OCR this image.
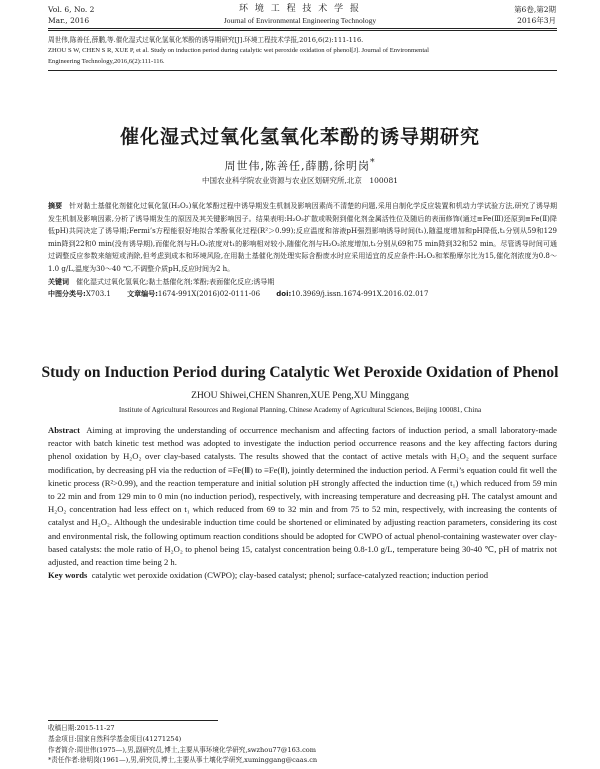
Vol. 6, No. 2	环 境 工 程 技 术 学 报	第6卷,第2期
Mar., 2016	Journal of Environmental Engineering Technology	2016年3月
周世伟,陈善任,薛鹏,等.催化湿式过氧化氢氧化苯酚的诱导期研究[J].环境工程技术学报,2016,6(2):111-116.
ZHOU S W, CHEN S R, XUE P, et al. Study on induction period during catalytic wet peroxide oxidation of phenol[J]. Journal of Environmental
Engineering Technology,2016,6(2):111-116.
催化湿式过氧化氢氧化苯酚的诱导期研究
周世伟,陈善任,薛鹏,徐明岗*
中国农业科学院农业资源与农业区划研究所,北京　100081
摘要　 针对黏土基催化剂催化过氧化氢(H₂O₂)氧化苯酚过程中诱导期发生机制及影响因素尚不清楚的问题,采用自制化学反应装置和机动力学试验方法,研究了诱导期发生机制及影响因素,分析了诱导期发生的原因及其关键影响因子。结果表明:H₂O₂扩散或吸附到催化剂金属活性位及随后的表面修饰(通过≡Fe(Ⅲ)还原到≡Fe(Ⅱ)降低pH)共同决定了诱导期;Fermi’s方程能很好地拟合苯酚氧化过程(R²＞0.99);反应温度和溶液pH强烈影响诱导时间(t₁),随温度增加和pH降低,t₁分别从59和129 min降到22和0 min(没有诱导期),而催化剂与H₂O₂浓度对t₁的影响相对较小,随催化剂与H₂O₂浓度增加,t₁分别从69和75 min降到32和52 min。尽管诱导时间可通过调整反应参数来缩短或消除,但考虑到成本和环境风险,在用黏土基催化剂处理实际含酚废水时应采用适宜的反应条件:H₂O₂和苯酚摩尔比为15,催化剂浓度为0.8～1.0 g/L,温度为30～40 ℃,不调整介质pH,反应时间为2 h。
关键词　 催化湿式过氧化氢氧化;黏土基催化剂;苯酚;表面催化反应;诱导期
中图分类号:X703.1　　 文章编号:1674-991X(2016)02-0111-06　　 doi:10.3969/j.issn.1674-991X.2016.02.017
Study on Induction Period during Catalytic Wet Peroxide Oxidation of Phenol
ZHOU Shiwei,CHEN Shanren,XUE Peng,XU Minggang
Institute of Agricultural Resources and Regional Planning, Chinese Academy of Agricultural Sciences, Beijing 100081, China
Abstract Aiming at improving the understanding of occurrence mechanism and affecting factors of induction period, a small laboratory-made reactor with batch kinetic test method was adopted to investigate the induction period occurrence reasons and the key affecting factors during phenol oxidation by H₂O₂ over clay-based catalysts. The results showed that the contact of active metals with H₂O₂ and the sequent surface modification, by decreasing pH via the reduction of ≡Fe(Ⅲ) to ≡Fe(Ⅱ), jointly determined the induction period. A Fermi’s equation could fit well the kinetic process (R²>0.99), and the reaction temperature and initial solution pH strongly affected the induction time (t₁) which reduced from 59 min to 22 min and from 129 min to 0 min (no induction period), respectively, with increasing temperature and decreasing pH. The catalyst amount and H₂O₂ concentration had less effect on t₁ which reduced from 69 to 32 min and from 75 to 52 min, respectively, with increasing the contents of catalyst and H₂O₂. Although the undesirable induction time could be shortened or eliminated by adjusting reaction parameters, considering its cost and environmental risk, the following optimum reaction conditions should be adopted for CWPO of actual phenol-containing wastewater over clay-based catalysts: the mole ratio of H₂O₂ to phenol being 15, catalyst concentration being 0.8-1.0 g/L, temperature being 30-40 ℃, pH of matrix not adjusted, and reaction time being 2 h.
Key words catalytic wet peroxide oxidation (CWPO); clay-based catalyst; phenol; surface-catalyzed reaction; induction period
收稿日期:2015-11-27
基金项目:国家自然科学基金项目(41271254)
作者简介:周世伟(1975—),男,副研究员,博士,主要从事环境化学研究,swzhou77@163.com
*责任作者:徐明岗(1961—),男,研究员,博士,主要从事土壤化学研究,xuminggang@caas.cn
